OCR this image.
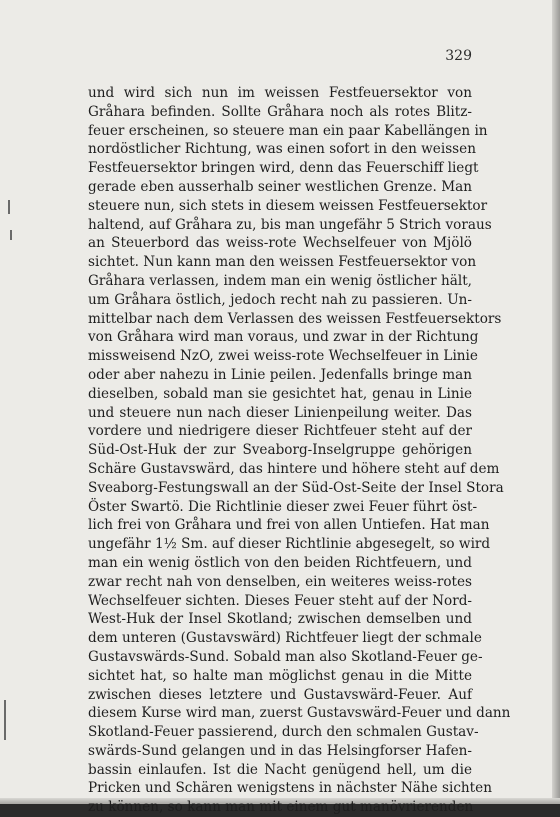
329
und wird sich nun im weissen Festfeuersektor von
Gråhara befinden. Sollte Gråhara noch als rotes Blitz-
feuer erscheinen, so steuere man ein paar Kabellängen in
nordöstlicher Richtung, was einen sofort in den weissen
Festfeuersektor bringen wird, denn das Feuerschiff liegt
gerade eben ausserhalb seiner westlichen Grenze. Man
steuere nun, sich stets in diesem weissen Festfeuersektor
haltend, auf Gråhara zu, bis man ungefähr 5 Strich voraus
an Steuerbord das weiss-rote Wechselfeuer von Mjölö
sichtet. Nun kann man den weissen Festfeuersektor von
Gråhara verlassen, indem man ein wenig östlicher hält,
um Gråhara östlich, jedoch recht nah zu passieren. Un-
mittelbar nach dem Verlassen des weissen Festfeuersektors
von Gråhara wird man voraus, und zwar in der Richtung
missweisend NzO, zwei weiss-rote Wechselfeuer in Linie
oder aber nahezu in Linie peilen. Jedenfalls bringe man
dieselben, sobald man sie gesichtet hat, genau in Linie
und steuere nun nach dieser Linienpeilung weiter. Das
vordere und niedrigere dieser Richtfeuer steht auf der
Süd-Ost-Huk der zur Sveaborg-Inselgruppe gehörigen
Schäre Gustavswärd, das hintere und höhere steht auf dem
Sveaborg-Festungswall an der Süd-Ost-Seite der Insel Stora
Öster Swartö. Die Richtlinie dieser zwei Feuer führt öst-
lich frei von Gråhara und frei von allen Untiefen. Hat man
ungefähr 1½ Sm. auf dieser Richtlinie abgesegelt, so wird
man ein wenig östlich von den beiden Richtfeuern, und
zwar recht nah von denselben, ein weiteres weiss-rotes
Wechselfeuer sichten. Dieses Feuer steht auf der Nord-
West-Huk der Insel Skotland; zwischen demselben und
dem unteren (Gustavswärd) Richtfeuer liegt der schmale
Gustavswärds-Sund. Sobald man also Skotland-Feuer ge-
sichtet hat, so halte man möglichst genau in die Mitte
zwischen dieses letztere und Gustavswärd-Feuer. Auf
diesem Kurse wird man, zuerst Gustavswärd-Feuer und dann
Skotland-Feuer passierend, durch den schmalen Gustav-
swärds-Sund gelangen und in das Helsingforser Hafen-
bassin einlaufen. Ist die Nacht genügend hell, um die
Pricken und Schären wenigstens in nächster Nähe sichten
zu können, so kann man mit einem gut manövrierenden
